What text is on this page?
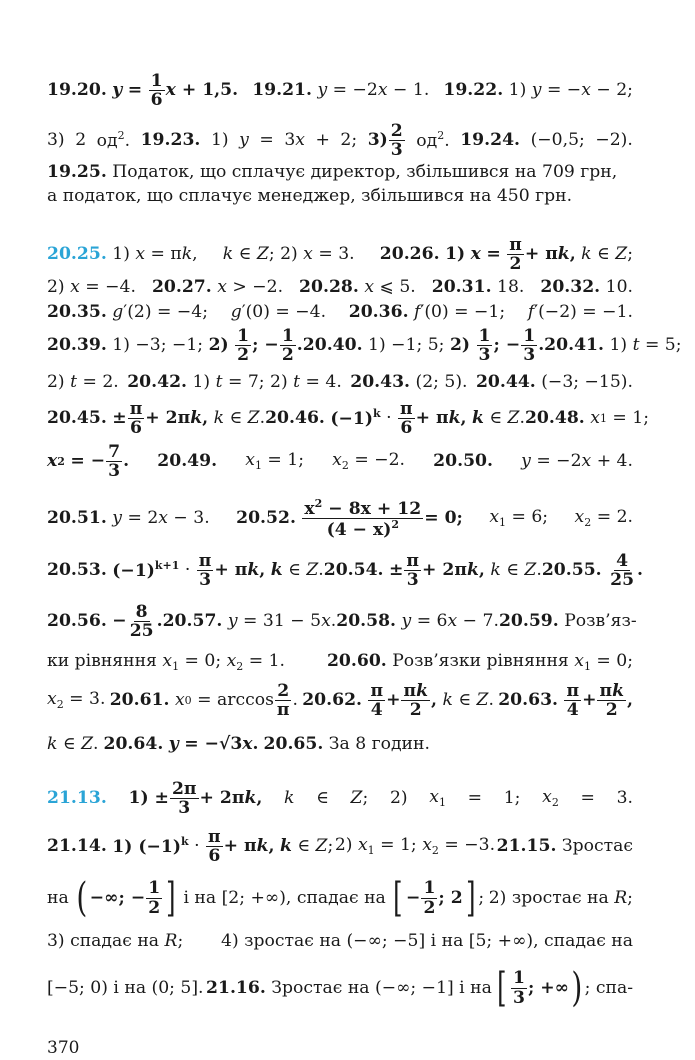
19.20.
y
=
$\frac{1}{6}$ x + 1,5. 19.21.
y = −2 x − 1. 19.22. 1) y = − x − 2;
3) 2 $од^2$. 19.23. 1) y = 3x + 2; $3) \frac{2}{3} од^2$. 19.24. (−0,5; −2).
19.25. Податок, що сплачує директор, збільшився на 709 грн,
а податок, що сплачує менеджер, збільшився на 450 грн.
20.25. 1) x = π k , k ∈ Z ; 2) x = 3. 20.26.
1)
x
=
$\frac{\pi}{2} + \pi k$,
k ∈ Z ;
2) x = −4. 20.27. x > −2. 20.28. x ⩽ 5. 20.31. 18. 20.32. 10.
20.35. g′(2) = −4; g′(0) = −4. 20.36. f′(0) = −1; f′(−2) = −1.
20.39. 1) −3; −1; 2)
$\frac{1}{2}$ ; − $\frac{1}{2}$ . 20.40. 1) −1; 5; 2)
$\frac{1}{3}$ ; − $\frac{1}{3}$ . 20.41. 1) t = 5;
2) t = 2. 20.42. 1) t = 7; 2) t = 4. 20.43. (2; 5). 20.44. (−3; −15).
20.45.
± $\frac{\pi}{6} + 2\pi k$,
k ∈ Z . 20.46.
$(-1)^k \cdot \frac{\pi}{6} + \pi k$,
k ∈ Z . 20.48.
x 1 = 1;
x 2
= − $\frac{7}{3}$ . 20.49. $x_1 = 1$; $x_2 = -2$. 20.50. y = −2x + 4.
20.51. y = 2x − 3. 20.52.
$\frac{x^2 - 8x + 12}{(4 - x)^2} = 0$; $x_1 = 6$; $x_2 = 2$.
20.53.
$(-1)^{k+1} \cdot \frac{\pi}{3} + \pi k$,
k ∈ Z . 20.54.
± $\frac{\pi}{3} + 2\pi k$,
k ∈ Z . 20.55.
$\frac{4}{25}$ .
20.56.
− $\frac{8}{25}$ . 20.57. y = 31 − 5x. 20.58. y = 6x − 7. 20.59. Розв’яз-
ки рівняння $x_1 = 0$; $x_2 = 1$. 20.60. Розв’язки рівняння $x_1 = 0$;
$x_2 = 3$. 20.61.
x $0 = \arccos \frac{2}{\pi}$ . 20.62.
$\frac{\pi}{4} + \frac{\pi k}{2}$ ,
k ∈ Z . 20.63.
$\frac{\pi}{4} + \frac{\pi k}{2}$ ,
k ∈ Z. 20.64. y = −√3x. 20.65. За 8 годин.
21.13. $1) \pm \frac{2\pi}{3} + 2\pi k$, k ∈ Z; 2) $x_1 = 1$; $x_2 = 3$.
21.14.
1) $(-1)^k \cdot \frac{\pi}{6} + \pi k$,
k ∈ Z ; 2) $x_1 = 1$; $x_2 = -3$. 21.15. Зростає
на ( −∞; − $\frac{1}{2}$ ] і на [2; +∞), спадає на [ − $\frac{1}{2}$ ; 2 ] ; 2) зростає на R;
3) спадає на R; 4) зростає на (−∞; −5] і на [5; +∞), спадає на
[−5; 0) і на (0; 5]. 21.16. Зростає на (−∞; −1] і на [ $\frac{1}{3}$ ; +∞ ) ; спа-
370
